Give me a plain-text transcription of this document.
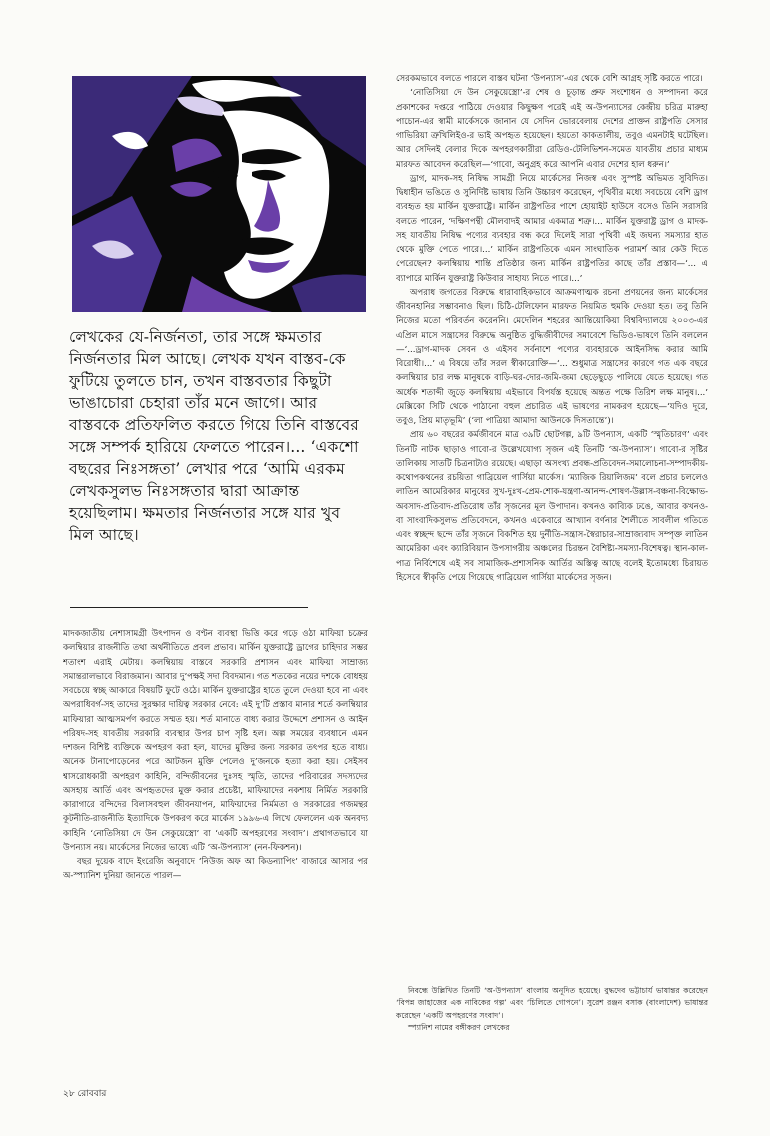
লেখকের যে-নির্জনতা, তার সঙ্গে ক্ষমতার নির্জনতার মিল আছে। লেখক যখন বাস্তব-কে ফুটিয়ে তুলতে চান, তখন বাস্তবতার কিছুটা ভাঙাচোরা চেহারা তাঁর মনে জাগে। আর বাস্তবকে প্রতিফলিত করতে গিয়ে তিনি বাস্তবের সঙ্গে সম্পর্ক হারিয়ে ফেলতে পারেন।... ‘একশো বছরের নিঃসঙ্গতা’ লেখার পরে ‘আমি এরকম লেখকসুলভ নিঃসঙ্গতার দ্বারা আক্রান্ত হয়েছিলাম। ক্ষমতার নির্জনতার সঙ্গে যার খুব মিল আছে।

মাদকজাতীয় নেশাসামগ্রী উৎপাদন ও বণ্টন ব্যবস্থা ভিত্তি করে গড়ে ওঠা মাফিয়া চক্রের কলম্বিয়ার রাজনীতি তথা অর্থনীতিতে প্রবল প্রভাব। মার্কিন যুক্তরাষ্ট্রে ড্রাগের চাহিদার সম্ভর শতাংশ এরাই মেটায়। কলম্বিয়ায় বাস্তবে সরকারি প্রশাসন এবং মাফিয়া সাম্রাজ্য সমান্তরালভাবে বিরাজমান। আবার দু’পক্ষই সদা বিবদমান। গত শতকের নয়ের দশকে বোধহয় সবচেয়ে স্বচ্ছ আকারে বিষয়টি ফুটে ওঠে। মার্কিন যুক্তরাষ্ট্রের হাতে তুলে দেওয়া হবে না এবং অপরাধিবর্গ-সহ তাদের সুরক্ষার দায়িত্ব সরকার নেবে: এই দু’টি প্রস্তাব মানার শর্তে কলম্বিয়ার মাফিয়ারা আত্মসমর্পণ করতে সম্মত হয়। শর্ত মানাতে বাধ্য করার উদ্দেশে প্রশাসন ও আইন পরিষদ-সহ যাবতীয় সরকারি ব্যবস্থার উপর চাপ সৃষ্টি হল। অল্প সময়ের ব্যবধানে এমন দশজন বিশিষ্ট ব্যক্তিকে অপহরণ করা হল, যাদের মুক্তির জন্য সরকার তৎপর হতে বাধ্য। অনেক টানাপোড়েনের পরে আটজন মুক্তি পেলেও দু’জনকে হত্যা করা হয়। সেইসব শ্বাসরোধকারী অপহরণ কাহিনি, বন্দিজীবনের দুঃসহ স্মৃতি, তাদের পরিবারের সদস্যদের অসহায় আর্তি এবং অপহৃতদের মুক্ত করার প্রচেষ্টা, মাফিয়াদের নকশায় নির্মিত সরকারি কারাগারে বন্দিদের বিলাসবহুল জীবনযাপন, মাফিয়াদের নির্মমতা ও সরকারের গজমন্থর কূটনীতি-রাজনীতি ইত্যাদিকে উপকরণ করে মার্কেস ১৯৯৬-এ লিখে ফেললেন এক অনবদ্য কাহিনি ‘নোতিসিয়া দে উন সেকুয়েস্ত্রো’ বা ‘একটি অপহরণের সংবাদ’। প্রথাগতভাবে যা উপন্যাস নয়। মার্কেসের নিজের ভাষ্যে এটি ‘অ-উপন্যাস’ (নন-ফিকশন)।

বছর দুয়েক বাদে ইংরেজি অনুবাদে ‘নিউজ অফ আ কিডন্যাপিং’ বাজারে আসার পর অ-স্প্যানিশ দুনিয়া জানতে পারল—

সেরকমভাবে বলতে পারলে বাস্তব ঘটনা ‘উপন্যাস’-এর থেকে বেশি আগ্রহ সৃষ্টি করতে পারে।

‘নোতিসিয়া দে উন সেকুয়েস্ত্রো’-র শেষ ও চূড়ান্ত প্রুফ সংশোধন ও সম্পাদনা করে প্রকাশকের দপ্তরে পাঠিয়ে দেওয়ার কিছুক্ষণ পরেই এই অ-উপন্যাসের কেন্দ্রীয় চরিত্র মারুহা পাচোন-এর স্বামী মার্কেসকে জানান যে সেদিন ভোরবেলায় দেশের প্রাক্তন রাষ্ট্রপতি সেসার গাভিরিয়া ত্রুখিলিইও-র ভাই অপহৃত হয়েছেন। হয়তো কাকতালীয়, তবুও এমনটাই ঘটেছিল। আর সেদিনই বেলার দিকে অপহরণকারীরা রেডিও-টেলিভিশন-সমেত যাবতীয় প্রচার মাধ্যম মারফত আবেদন করেছিল—‘গাবো, অনুগ্রহ করে আপনি এবার দেশের হাল ধরুন।’

ড্রাগ, মাদক-সহ নিষিদ্ধ সামগ্রী নিয়ে মার্কেসের নিজস্ব এবং সুস্পষ্ট অভিমত সুবিদিত। দ্বিধাহীন ভঙিতে ও সুনির্দিষ্ট ভাষায় তিনি উচ্চারণ করেছেন, পৃথিবীর মধ্যে সবচেয়ে বেশি ড্রাগ ব্যবহৃত হয় মার্কিন যুক্তরাষ্ট্রে। মার্কিন রাষ্ট্রপতির পাশে হোয়াইট হাউসে বসেও তিনি সরাসরি বলতে পারেন, ‘দক্ষিণপন্থী মৌলবাদই আমার একমাত্র শত্রু।... মার্কিন যুক্তরাষ্ট্র ড্রাগ ও মাদক-সহ যাবতীয় নিষিদ্ধ পণ্যের ব্যবহার বন্ধ করে দিলেই সারা পৃথিবী এই জঘন্য সমস্যার হাত থেকে মুক্তি পেতে পারে।...’ মার্কিন রাষ্ট্রপতিকে এমন সাংঘাতিক পরামর্শ আর কেউ দিতে পেরেছেন? কলম্বিয়ায় শান্তি প্রতিষ্ঠার জন্য মার্কিন রাষ্ট্রপতির কাছে তাঁর প্রস্তাব—‘... এ ব্যাপারে মার্কিন যুক্তরাষ্ট্র কিউবার সাহায্য নিতে পারে।...’

অপরাধ জগতের বিরুদ্ধে ধারাবাহিকভাবে আক্রমণাত্মক রচনা প্রণয়নের জন্য মার্কেসের জীবনহানির সম্ভাবনাও ছিল। চিঠি-টেলিফোন মারফত নিয়মিত হুমকি দেওয়া হত। তবু তিনি নিজের মতো পরিবর্তন করেননি। মেদেলিন শহরের আন্তিয়োকিয়া বিশ্ববিদ্যালয়ে ২০০৩-এর এপ্রিল মাসে সন্ত্রাসের বিরুদ্ধে অনুষ্ঠিত বুদ্ধিজীবীদের সমাবেশে ভিডিও-ভাষণে তিনি বললেন—‘...ড্রাগ-মাদক সেবন ও এইসব সর্বনাশে পণ্যের ব্যবহারকে আইনসিদ্ধ করার আমি বিরোধী।...’ এ বিষয়ে তাঁর সরল স্বীকারোক্তি—‘... শুধুমাত্র সন্ত্রাসের কারণে গত এক বছরে কলম্বিয়ার চার লক্ষ মানুষকে বাড়ি-ঘর-দোর-জমি-জমা ছেড়েছুড়ে পালিয়ে যেতে হয়েছে। গত অর্ধেক শতাব্দী জুড়ে কলম্বিয়ায় এইভাবে বিপর্যস্ত হয়েছে অন্তত পক্ষে তিরিশ লক্ষ মানুষ।...’ মেক্সিকো সিটি থেকে পাঠানো বহুল প্রচারিত এই ভাষণের নামকরণ হয়েছে—‘যদিও দূরে, তবুও, প্রিয় মাতৃভূমি’ (‘লা পাত্রিয়া আমাদা আউনকে দিসতান্তে’)।

প্রায় ৬০ বছরের কর্মজীবনে মাত্র ৩৯টি ছোটগল্প, ৯টি উপন্যাস, একটি ‘স্মৃতিচারণ’ এবং তিনটি নাটক ছাড়াও গাবো-র উল্লেখযোগ্য সৃজন এই তিনটি ‘অ-উপন্যাস’। গাবো-র সৃষ্টির তালিকায় সাতটি চিত্রনাট্যও রয়েছে। এছাড়া অসংখ্য প্রবন্ধ-প্রতিবেদন-সমালোচনা-সম্পাদকীয়-কথোপকথনের রচয়িতা গাব্রিয়েল গার্সিয়া মার্কেস। ‘ম্যাজিক রিয়ালিজম’ বলে প্রচার চললেও লাতিন আমেরিকার মানুষের সুখ-দুঃখ-প্রেম-শোক-যন্ত্রণা-আনন্দ-শোষণ-উল্লাস-বঞ্চনা-বিক্ষোভ-অবসাদ-প্রতিবাদ-প্রতিরোধ তাঁর সৃজনের মূল উপাদান। কখনও কাব্যিক ঢঙে, আবার কখনও-বা সাংবাদিকসুলভ প্রতিবেদনে, কখনও একেবারে আখ্যান বর্ণনার শৈলীতে সাবলীল গতিতে এবং স্বচ্ছন্দ ছন্দে তাঁর সৃজনে বিকশিত হয় দুর্নীতি-সন্ত্রাস-স্বৈরাচার-সাম্রাজ্যবাদ সম্পৃক্ত লাতিন আমেরিকা এবং ক্যারিবিয়ান উপসাগরীয় অঞ্চলের চিরন্তন বৈশিষ্ট্য-সমস্যা-বিশেষত্ব। স্থান-কাল-পাত্র নির্বিশেষে এই সব সামাজিক-প্রশাসনিক আর্তির অস্তিত্ব আছে বলেই ইতোমধ্যে চিরায়ত হিসেবে স্বীকৃতি পেয়ে গিয়েছে গাব্রিয়েল গার্সিয়া মার্কেসের সৃজন।

নিবন্ধে উল্লিখিত তিনটি ‘অ-উপন্যাস’ বাংলায় অনূদিত হয়েছে। বুদ্ধদেব ভট্টাচার্য ভাষান্তর করেছেন ‘বিপন্ন জাহাজের এক নাবিকের গল্প’ এবং ‘চিলিতে গোপনে’। সুরেশ রঞ্জন বসাক (বাংলাদেশ) ভাষান্তর করেছেন ‘একটি অপহরণের সংবাদ’।

স্প্যানিশ নামের বঙ্গীকরণ লেখকের

২৮ রোববার
